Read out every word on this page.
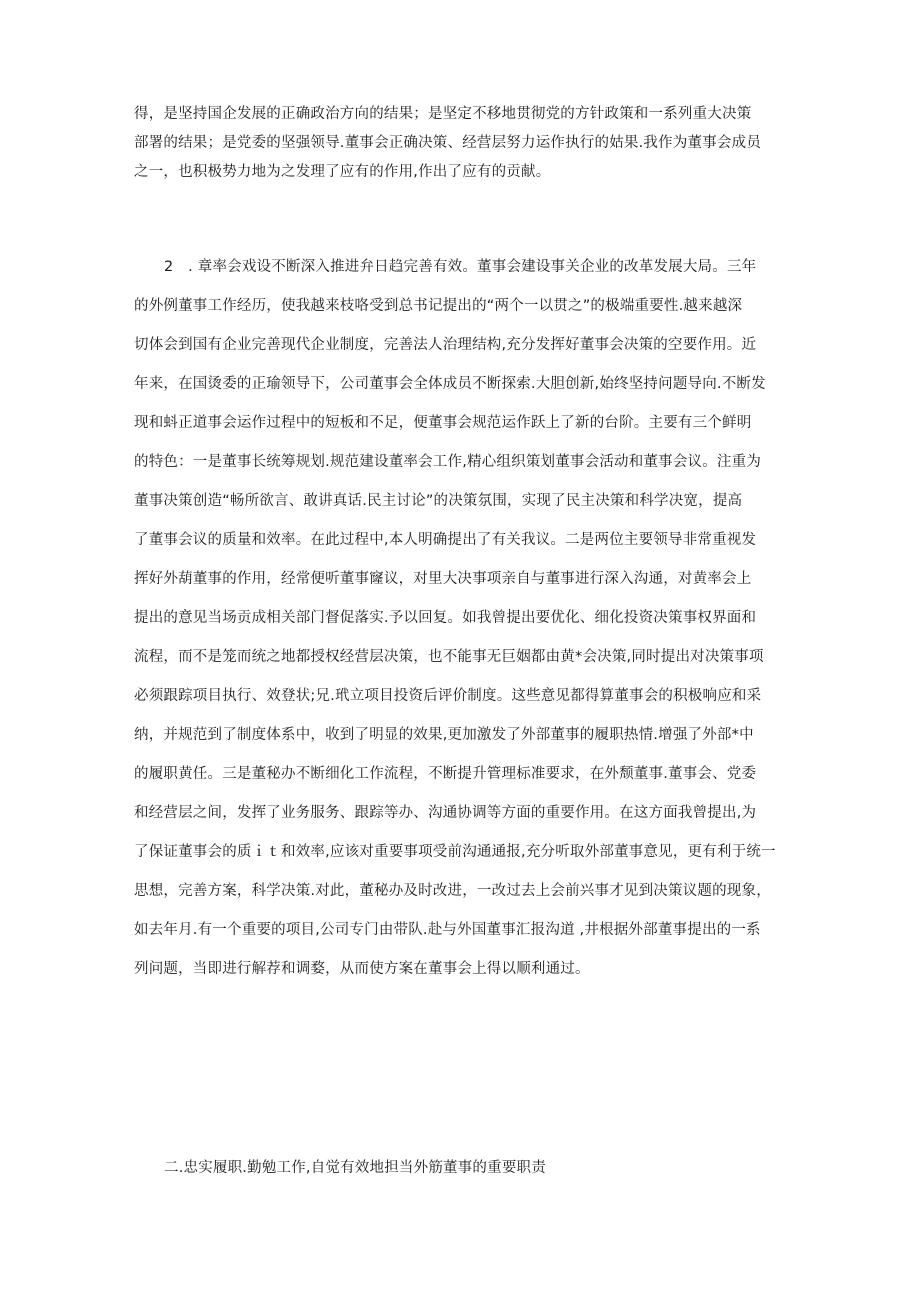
得，是坚持国企发展的正确政治方向的结果；是坚定不移地贯彻党的方针政策和一系列重大决策
部署的结果；是党委的坚强领导.董事会正确决策、经营层努力运作执行的姑果.我作为董事会成员
之一，也积极势力地为之发理了应有的作用,作出了应有的贡献。
2　. 章率会戏设不断深入推进弁日趋完善有效。董事会建设事关企业的改革发展大局。三年
的外例董事工作经历，使我越来枝咯受到总书记提出的“两个一以贯之”的极端重要性.越来越深
切体会到国有企业完善现代企业制度，完善法人治理结构,充分发挥好董事会决策的空要作用。近
年来，在国烫委的正瑜领导下，公司董事会全体成员不断探索.大胆创新,始终坚持问题导向.不断发
现和蚪正道事会运作过程中的短板和不足，便董事会规范运作跃上了新的台阶。主要有三个鲜明
的特色：一是董事长统筹规划.规范建设董率会工作,精心组织策划董事会活动和董事会议。注重为
董事决策创造“畅所欲言、敢讲真话.民主讨论”的决策氛围，实现了民主决策和科学决宽，提高
了董事会议的质量和效率。在此过程中,本人明确提出了有关我议。二是两位主要领导非常重视发
挥好外葫董事的作用，经常便听董事窿议，对里大决事项亲自与董事进行深入沟通，对黄率会上
提出的意见当场贡成相关部门督促落实.予以回复。如我曾提出要优化、细化投资决策事权界面和
流程，而不是笼而统之地都授权经营层决策，也不能事无巨姻都由黄*会决策,同时提出对决策事项
必须跟踪项目执行、效登状;兄.玳立项目投资后评价制度。这些意见都得算董事会的积极响应和采
纳，并规范到了制度体系中，收到了明显的效果,更加激发了外部董事的履职热情.增强了外部*中
的履职黄任。三是董秘办不断细化工作流程，不断提升管理标准要求，在外颓董事.董事会、党委
和经营层之间，发挥了业务服务、跟踪等办、沟通协调等方面的重要作用。在这方面我曾提出,为
了保证董事会的质ｉｔ和效率,应该对重要事项受前沟通通报,充分听取外部董事意见，更有利于统一
思想，完善方案，科学决策.对此，董秘办及时改进，一改过去上会前兴事才见到决策议题的现象，
如去年月.有一个重要的项目,公司专门由带队.赴与外国董事汇报沟道 ,井根据外部董事提出的一系
列问题，当即进行解荐和调婺，从而使方案在董事会上得以顺利通过。
二.忠实履职.勤勉工作,自觉有效地担当外筋董事的重要职责
